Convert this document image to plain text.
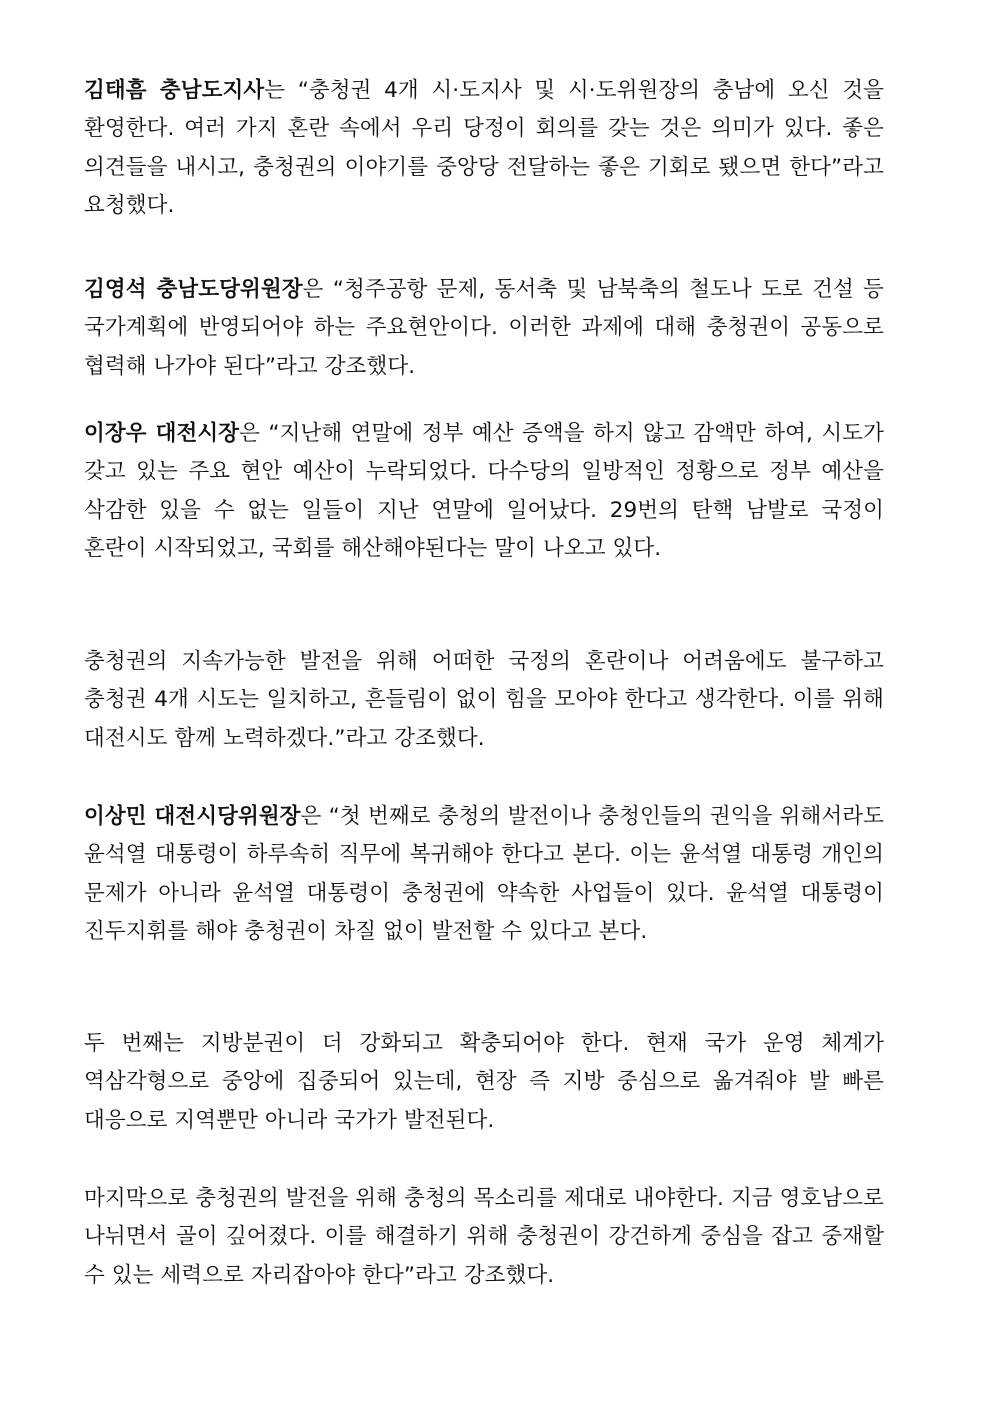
김태흠 충남도지사는 “충청권 4개 시·도지사 및 시·도위원장의 충남에 오신 것을 환영한다. 여러 가지 혼란 속에서 우리 당정이 회의를 갖는 것은 의미가 있다. 좋은 의견들을 내시고, 충청권의 이야기를 중앙당 전달하는 좋은 기회로 됐으면 한다”라고 요청했다.

김영석 충남도당위원장은 “청주공항 문제, 동서축 및 남북축의 철도나 도로 건설 등 국가계획에 반영되어야 하는 주요현안이다. 이러한 과제에 대해 충청권이 공동으로 협력해 나가야 된다”라고 강조했다.

이장우 대전시장은 “지난해 연말에 정부 예산 증액을 하지 않고 감액만 하여, 시도가 갖고 있는 주요 현안 예산이 누락되었다. 다수당의 일방적인 정황으로 정부 예산을 삭감한 있을 수 없는 일들이 지난 연말에 일어났다. 29번의 탄핵 남발로 국정이 혼란이 시작되었고, 국회를 해산해야된다는 말이 나오고 있다.

충청권의 지속가능한 발전을 위해 어떠한 국정의 혼란이나 어려움에도 불구하고 충청권 4개 시도는 일치하고, 흔들림이 없이 힘을 모아야 한다고 생각한다. 이를 위해 대전시도 함께 노력하겠다.”라고 강조했다.

이상민 대전시당위원장은 “첫 번째로 충청의 발전이나 충청인들의 권익을 위해서라도 윤석열 대통령이 하루속히 직무에 복귀해야 한다고 본다. 이는 윤석열 대통령 개인의 문제가 아니라 윤석열 대통령이 충청권에 약속한 사업들이 있다. 윤석열 대통령이 진두지휘를 해야 충청권이 차질 없이 발전할 수 있다고 본다.

두 번째는 지방분권이 더 강화되고 확충되어야 한다. 현재 국가 운영 체계가 역삼각형으로 중앙에 집중되어 있는데, 현장 즉 지방 중심으로 옮겨줘야 발 빠른 대응으로 지역뿐만 아니라 국가가 발전된다.

마지막으로 충청권의 발전을 위해 충청의 목소리를 제대로 내야한다. 지금 영호남으로 나뉘면서 골이 깊어졌다. 이를 해결하기 위해 충청권이 강건하게 중심을 잡고 중재할 수 있는 세력으로 자리잡아야 한다”라고 강조했다.
